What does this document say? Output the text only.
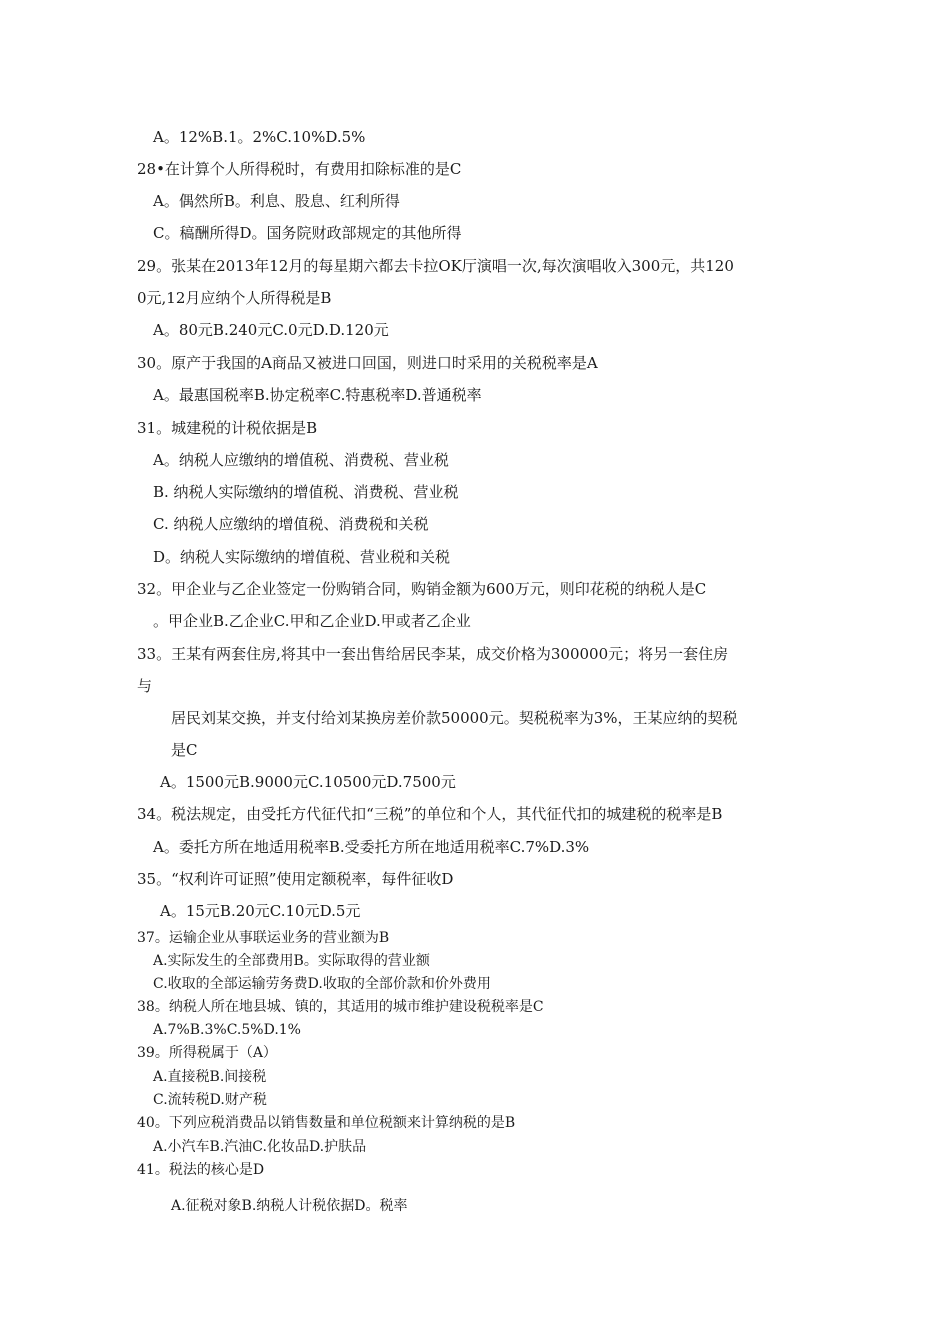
A。12%B.1。2%C.10%D.5%
28•在计算个人所得税时，有费用扣除标准的是C
A。偶然所B。利息、股息、红利所得
C。稿酬所得D。国务院财政部规定的其他所得
29。张某在2013年12月的每星期六都去卡拉OK厅演唱一次,每次演唱收入300元，共120
0元,12月应纳个人所得税是B
A。80元B.240元C.0元D.D.120元
30。原产于我国的A商品又被进口回国，则进口时采用的关税税率是A
A。最惠国税率B.协定税率C.特惠税率D.普通税率
31。城建税的计税依据是B
A。纳税人应缴纳的增值税、消费税、营业税
B. 纳税人实际缴纳的增值税、消费税、营业税
C. 纳税人应缴纳的增值税、消费税和关税
D。纳税人实际缴纳的增值税、营业税和关税
32。甲企业与乙企业签定一份购销合同，购销金额为600万元，则印花税的纳税人是C
。甲企业B.乙企业C.甲和乙企业D.甲或者乙企业
33。王某有两套住房,将其中一套出售给居民李某，成交价格为300000元；将另一套住房
与
居民刘某交换，并支付给刘某换房差价款50000元。契税税率为3%，王某应纳的契税
是C
A。1500元B.9000元C.10500元D.7500元
34。税法规定，由受托方代征代扣“三税”的单位和个人，其代征代扣的城建税的税率是B
A。委托方所在地适用税率B.受委托方所在地适用税率C.7%D.3%
35。“权利许可证照”使用定额税率，每件征收D
A。15元B.20元C.10元D.5元
37。运输企业从事联运业务的营业额为B
A.实际发生的全部费用B。实际取得的营业额
C.收取的全部运输劳务费D.收取的全部价款和价外费用
38。纳税人所在地县城、镇的，其适用的城市维护建设税税率是C
A.7%B.3%C.5%D.1%
39。所得税属于（A）
A.直接税B.间接税
C.流转税D.财产税
40。下列应税消费品以销售数量和单位税额来计算纳税的是B
A.小汽车B.汽油C.化妆品D.护肤品
41。税法的核心是D
A.征税对象B.纳税人计税依据D。税率
